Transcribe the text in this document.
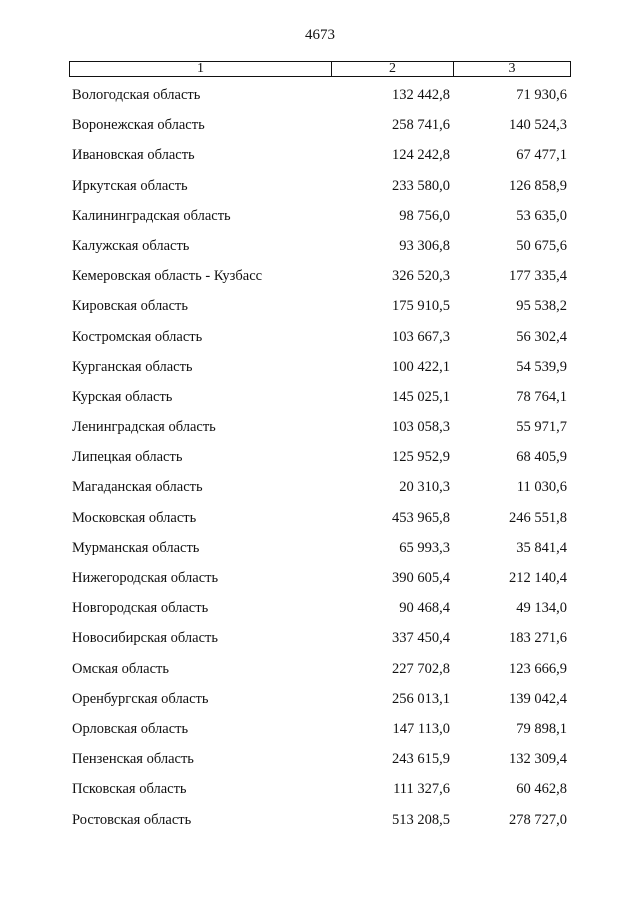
4673
1	2	3
Вологодская область	132 442,8	71 930,6
Воронежская область	258 741,6	140 524,3
Ивановская область	124 242,8	67 477,1
Иркутская область	233 580,0	126 858,9
Калининградская область	98 756,0	53 635,0
Калужская область	93 306,8	50 675,6
Кемеровская область - Кузбасс	326 520,3	177 335,4
Кировская область	175 910,5	95 538,2
Костромская область	103 667,3	56 302,4
Курганская область	100 422,1	54 539,9
Курская область	145 025,1	78 764,1
Ленинградская область	103 058,3	55 971,7
Липецкая область	125 952,9	68 405,9
Магаданская область	20 310,3	11 030,6
Московская область	453 965,8	246 551,8
Мурманская область	65 993,3	35 841,4
Нижегородская область	390 605,4	212 140,4
Новгородская область	90 468,4	49 134,0
Новосибирская область	337 450,4	183 271,6
Омская область	227 702,8	123 666,9
Оренбургская область	256 013,1	139 042,4
Орловская область	147 113,0	79 898,1
Пензенская область	243 615,9	132 309,4
Псковская область	111 327,6	60 462,8
Ростовская область	513 208,5	278 727,0
